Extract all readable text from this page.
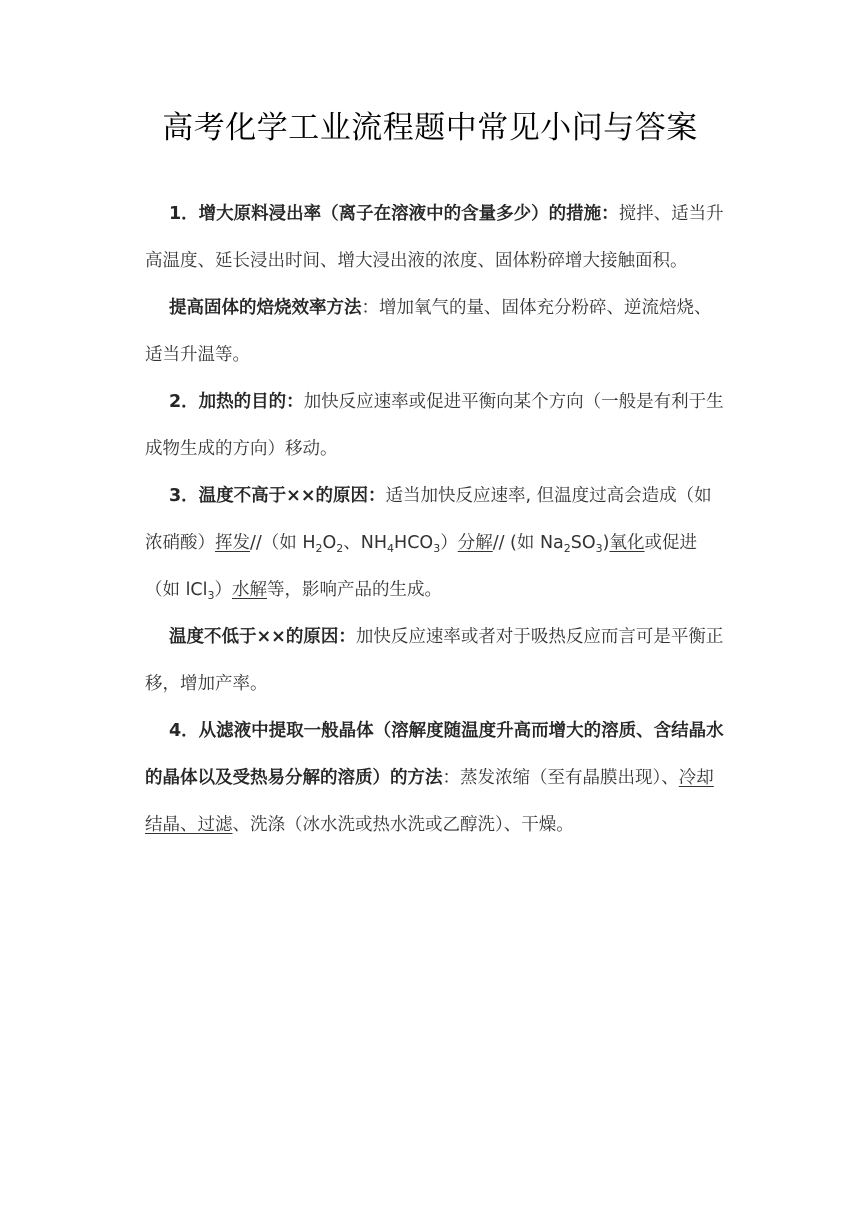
高考化学工业流程题中常见小问与答案

1．增大原料浸出率（离子在溶液中的含量多少）的措施：搅拌、适当升高温度、延长浸出时间、增大浸出液的浓度、固体粉碎增大接触面积。

提高固体的焙烧效率方法：增加氧气的量、固体充分粉碎、逆流焙烧、适当升温等。

2．加热的目的：加快反应速率或促进平衡向某个方向（一般是有利于生成物生成的方向）移动。

3．温度不高于××的原因：适当加快反应速率, 但温度过高会造成（如浓硝酸）挥发//（如 $H_2O_2$、$NH_4HCO_3$）分解// (如 $Na_2SO_3$)氧化或促进（如 lCl$_3$）水解等，影响产品的生成。

温度不低于××的原因：加快反应速率或者对于吸热反应而言可是平衡正移，增加产率。

4．从滤液中提取一般晶体（溶解度随温度升高而增大的溶质、含结晶水的晶体以及受热易分解的溶质）的方法：蒸发浓缩（至有晶膜出现）、冷却结晶、过滤、洗涤（冰水洗或热水洗或乙醇洗）、干燥。
